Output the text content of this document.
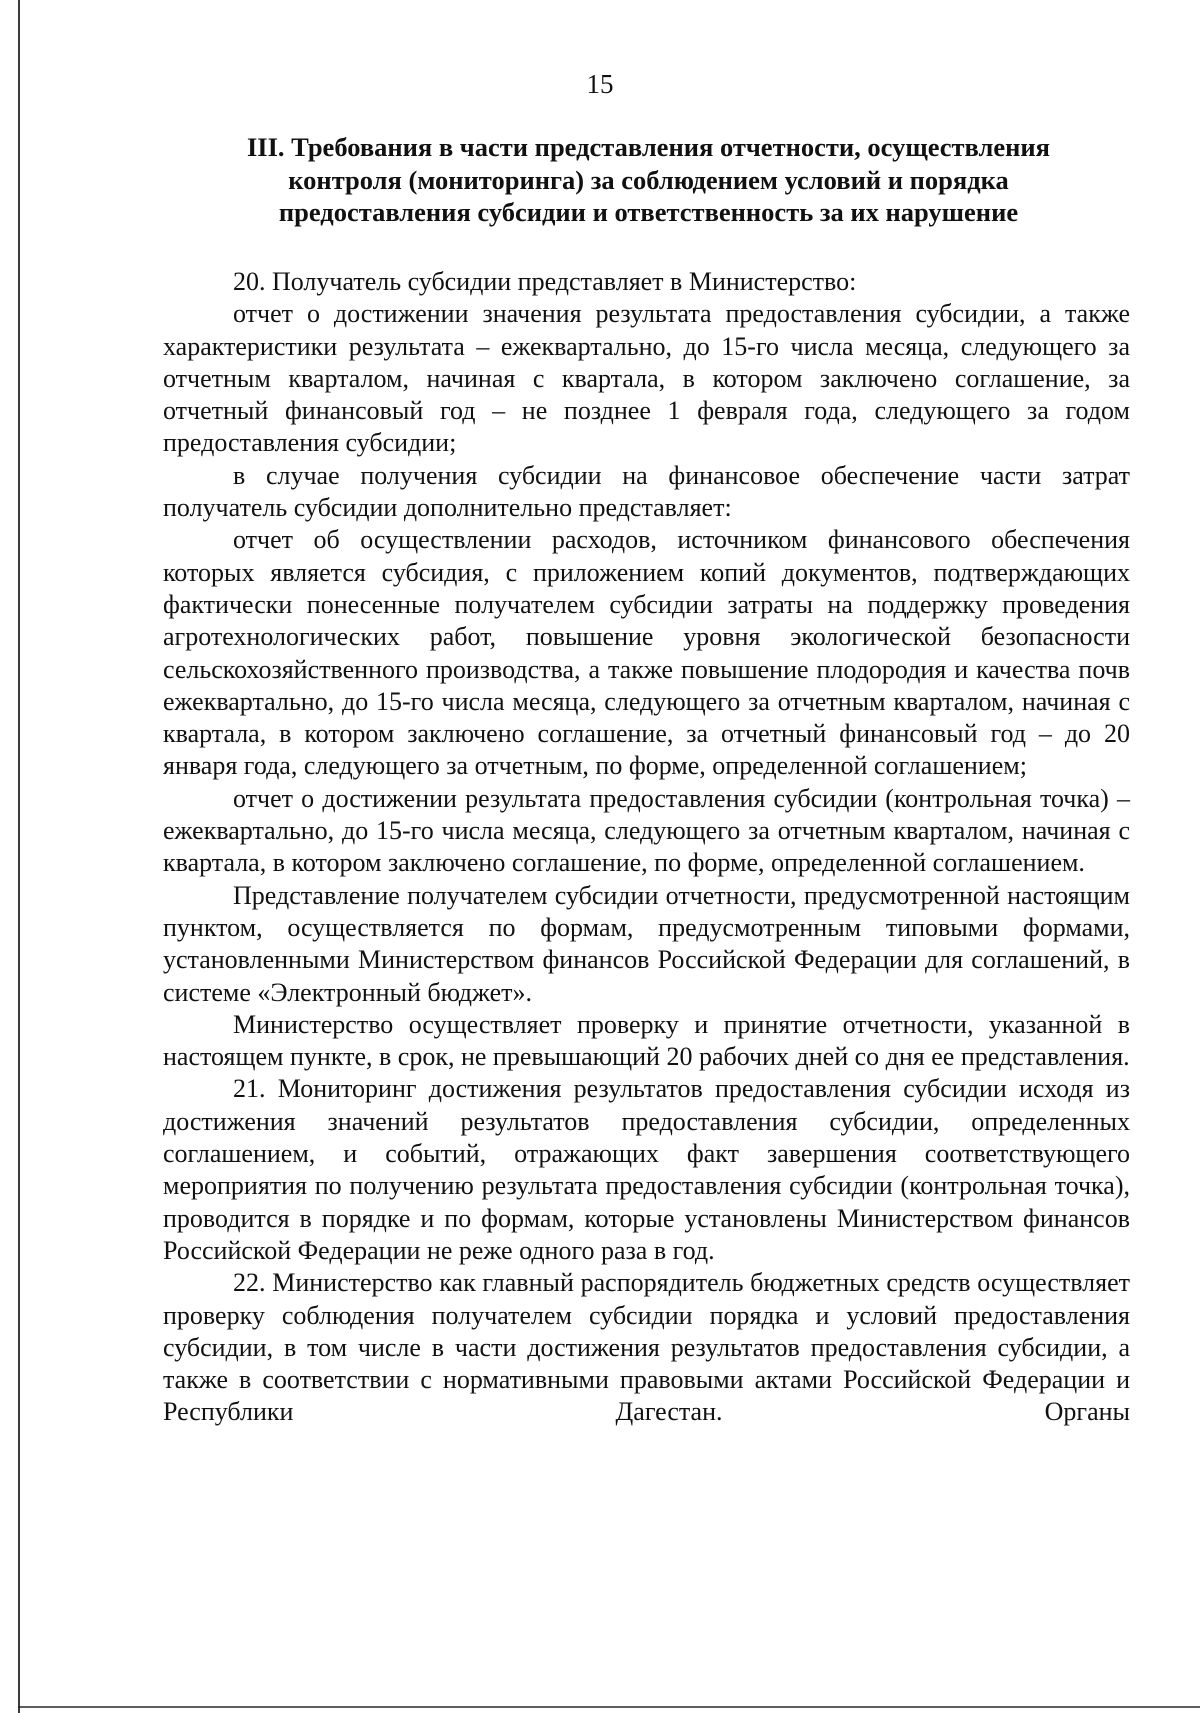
15
III. Требования в части представления отчетности, осуществления
контроля (мониторинга) за соблюдением условий и порядка
предоставления субсидии и ответственность за их нарушение

20. Получатель субсидии представляет в Министерство:

отчет о достижении значения результата предоставления субсидии, а также характеристики результата – ежеквартально, до 15-го числа месяца, следующего за отчетным кварталом, начиная с квартала, в котором заключено соглашение, за отчетный финансовый год – не позднее 1 февраля года, следующего за годом предоставления субсидии;

в случае получения субсидии на финансовое обеспечение части затрат получатель субсидии дополнительно представляет:

отчет об осуществлении расходов, источником финансового обеспечения которых является субсидия, с приложением копий документов, подтверждающих фактически понесенные получателем субсидии затраты на поддержку проведения агротехнологических работ, повышение уровня экологической безопасности сельскохозяйственного производства, а также повышение плодородия и качества почв ежеквартально, до 15-го числа месяца, следующего за отчетным кварталом, начиная с квартала, в котором заключено соглашение, за отчетный финансовый год – до 20 января года, следующего за отчетным, по форме, определенной соглашением;

отчет о достижении результата предоставления субсидии (контрольная точка) – ежеквартально, до 15-го числа месяца, следующего за отчетным кварталом, начиная с квартала, в котором заключено соглашение, по форме, определенной соглашением.

Представление получателем субсидии отчетности, предусмотренной настоящим пунктом, осуществляется по формам, предусмотренным типовыми формами, установленными Министерством финансов Российской Федерации для соглашений, в системе «Электронный бюджет».

Министерство осуществляет проверку и принятие отчетности, указанной в настоящем пункте, в срок, не превышающий 20 рабочих дней со дня ее представления.

21. Мониторинг достижения результатов предоставления субсидии исходя из достижения значений результатов предоставления субсидии, определенных соглашением, и событий, отражающих факт завершения соответствующего мероприятия по получению результата предоставления субсидии (контрольная точка), проводится в порядке и по формам, которые установлены Министерством финансов Российской Федерации не реже одного раза в год.

22. Министерство как главный распорядитель бюджетных средств осуществляет проверку соблюдения получателем субсидии порядка и условий предоставления субсидии, в том числе в части достижения результатов предоставления субсидии, а также в соответствии с нормативными правовыми актами Российской Федерации и Республики Дагестан. Органы
